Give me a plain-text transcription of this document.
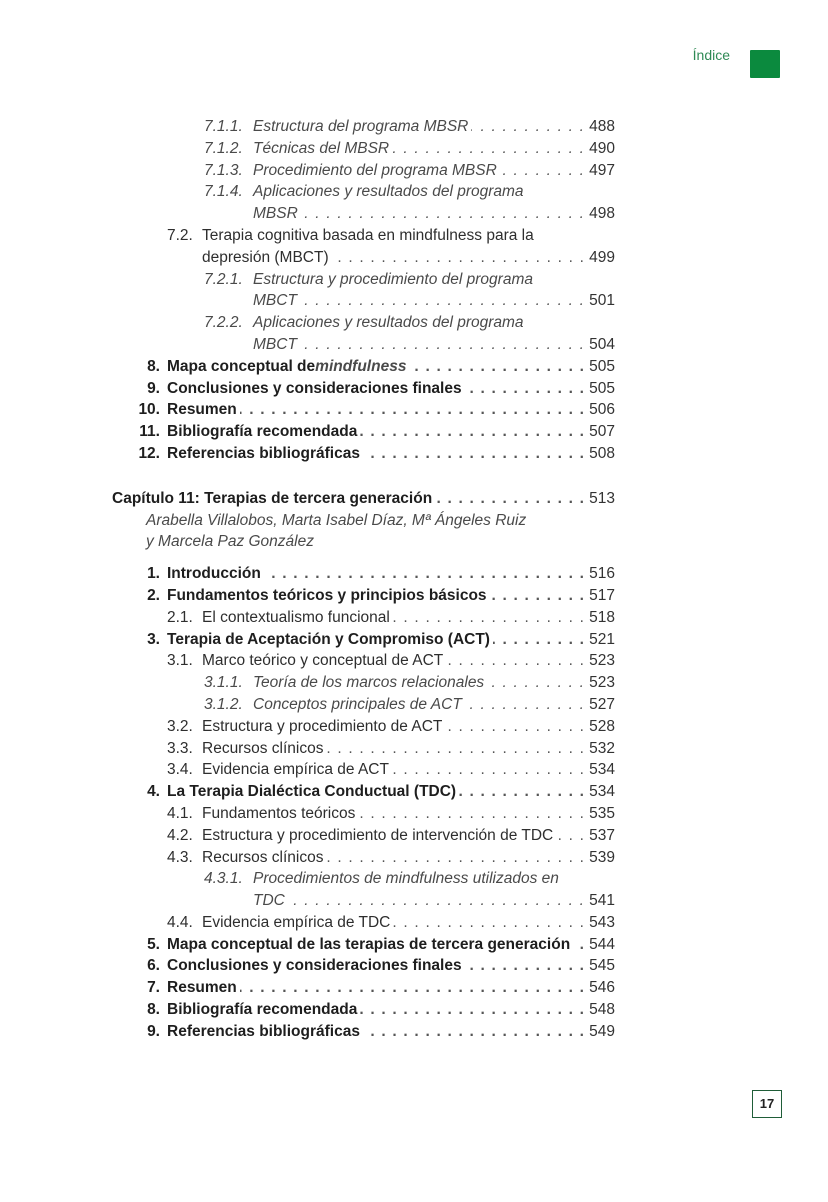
Índice
7.1.1. Estructura del programa MBSR . . .	488
7.1.2. Técnicas del MBSR . . .	490
7.1.3. Procedimiento del programa MBSR . . .	497
7.1.4. Aplicaciones y resultados del programa
MBSR . . .	498
7.2. Terapia cognitiva basada en mindfulness para la
depresión (MBCT) . . .	499
7.2.1. Estructura y procedimiento del programa
MBCT . . .	501
7.2.2. Aplicaciones y resultados del programa
MBCT . . .	504
8. Mapa conceptual de mindfulness . . .	505
9. Conclusiones y consideraciones finales . . .	505
10. Resumen . . .	506
11. Bibliografía recomendada . . .	507
12. Referencias bibliográficas . . .	508
Capítulo 11: Terapias de tercera generación . . .	513
Arabella Villalobos, Marta Isabel Díaz, Mª Ángeles Ruiz
y Marcela Paz González
1. Introducción . . .	516
2. Fundamentos teóricos y principios básicos . . .	517
2.1. El contextualismo funcional . . .	518
3. Terapia de Aceptación y Compromiso (ACT) . . .	521
3.1. Marco teórico y conceptual de ACT . . .	523
3.1.1. Teoría de los marcos relacionales . . .	523
3.1.2. Conceptos principales de ACT . . .	527
3.2. Estructura y procedimiento de ACT . . .	528
3.3. Recursos clínicos . . .	532
3.4. Evidencia empírica de ACT . . .	534
4. La Terapia Dialéctica Conductual (TDC) . . .	534
4.1. Fundamentos teóricos . . .	535
4.2. Estructura y procedimiento de intervención de TDC . . . 537
4.3. Recursos clínicos . . .	539
4.3.1. Procedimientos de mindfulness utilizados en
TDC . . .	541
4.4. Evidencia empírica de TDC . . .	543
5. Mapa conceptual de las terapias de tercera generación . . . 544
6. Conclusiones y consideraciones finales . . .	545
7. Resumen . . .	546
8. Bibliografía recomendada . . .	548
9. Referencias bibliográficas . . .	549
17
